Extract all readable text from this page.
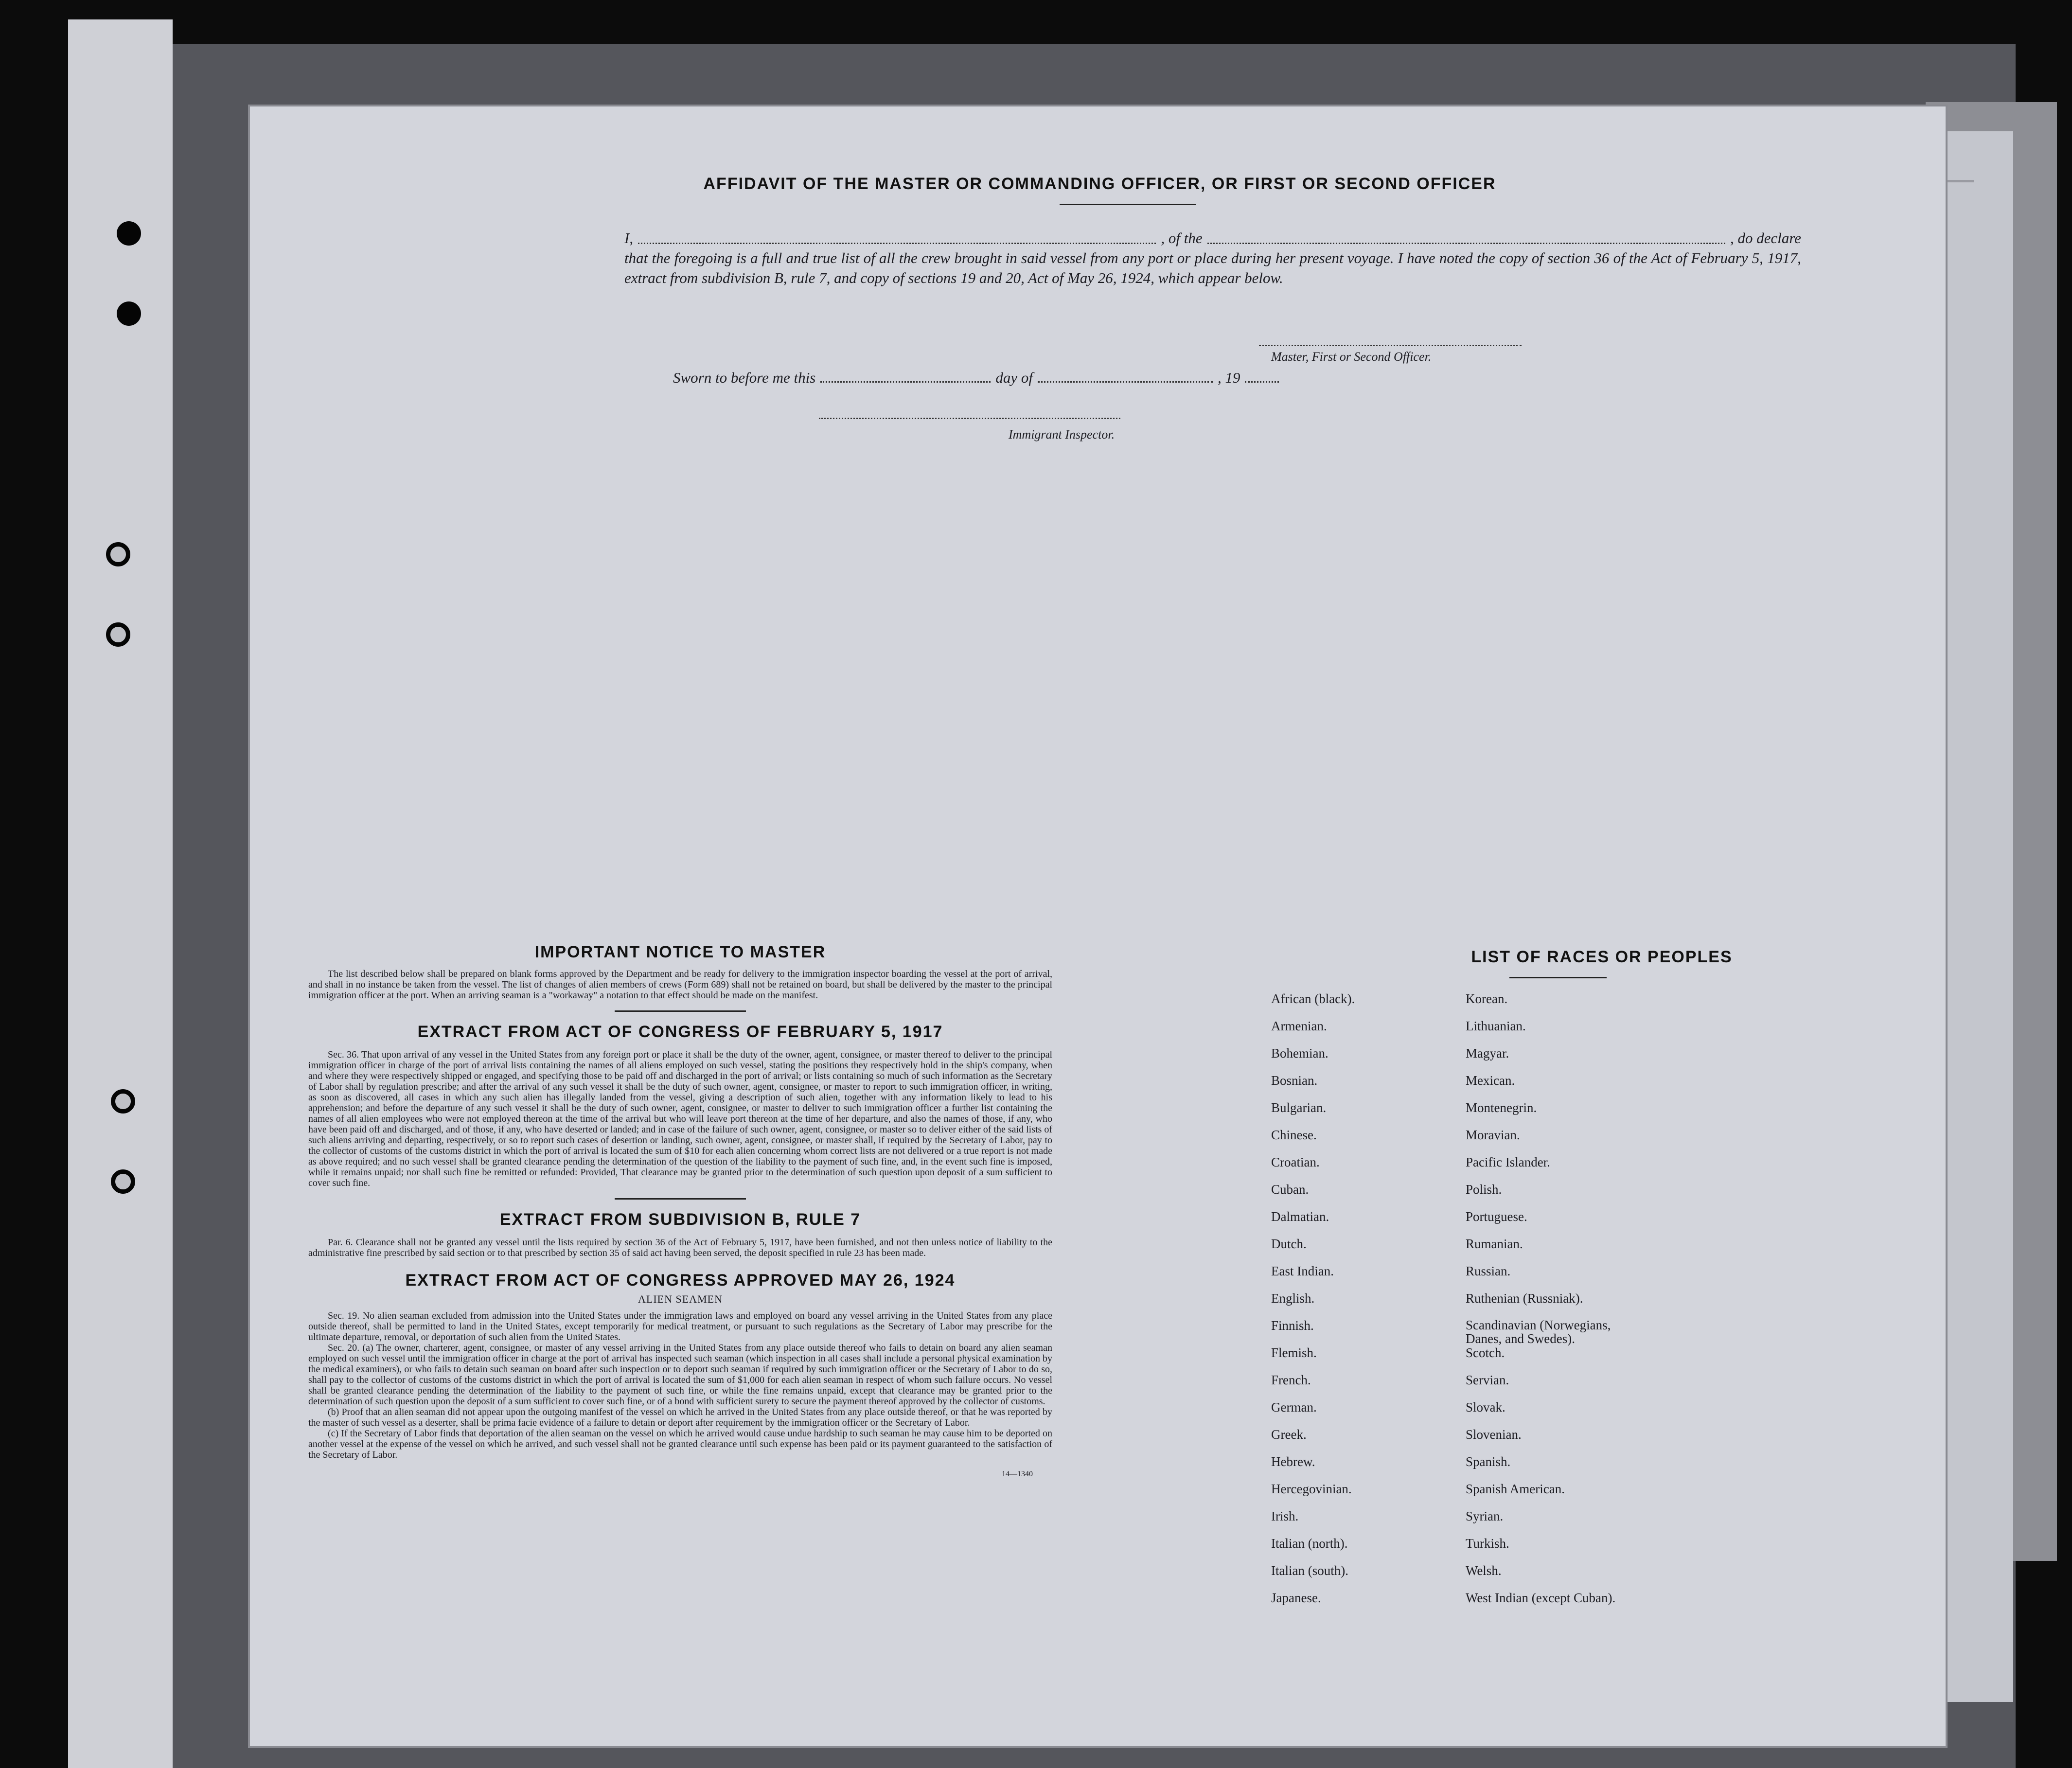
AFFIDAVIT OF THE MASTER OR COMMANDING OFFICER, OR FIRST OR SECOND OFFICER
I,	, of the	, do declare
that the foregoing is a full and true list of all the crew brought in said vessel from any port or place during her present voyage. I have noted the copy of section 36 of the Act of February 5, 1917, extract from subdivision B, rule 7, and copy of sections 19 and 20, Act of May 26, 1924, which appear below.
Master, First or Second Officer.
Sworn to before me this	day of	, 19
Immigrant Inspector.
IMPORTANT NOTICE TO MASTER
The list described below shall be prepared on blank forms approved by the Department and be ready for delivery to the immigration inspector boarding the vessel at the port of arrival, and shall in no instance be taken from the vessel. The list of changes of alien members of crews (Form 689) shall not be retained on board, but shall be delivered by the master to the principal immigration officer at the port. When an arriving seaman is a "workaway" a notation to that effect should be made on the manifest.
EXTRACT FROM ACT OF CONGRESS OF FEBRUARY 5, 1917
Sec. 36. That upon arrival of any vessel in the United States from any foreign port or place it shall be the duty of the owner, agent, consignee, or master thereof to deliver to the principal immigration officer in charge of the port of arrival lists containing the names of all aliens employed on such vessel, stating the positions they respectively hold in the ship's company, when and where they were respectively shipped or engaged, and specifying those to be paid off and discharged in the port of arrival; or lists containing so much of such information as the Secretary of Labor shall by regulation prescribe; and after the arrival of any such vessel it shall be the duty of such owner, agent, consignee, or master to report to such immigration officer, in writing, as soon as discovered, all cases in which any such alien has illegally landed from the vessel, giving a description of such alien, together with any information likely to lead to his apprehension; and before the departure of any such vessel it shall be the duty of such owner, agent, consignee, or master to deliver to such immigration officer a further list containing the names of all alien employees who were not employed thereon at the time of the arrival but who will leave port thereon at the time of her departure, and also the names of those, if any, who have been paid off and discharged, and of those, if any, who have deserted or landed; and in case of the failure of such owner, agent, consignee, or master so to deliver either of the said lists of such aliens arriving and departing, respectively, or so to report such cases of desertion or landing, such owner, agent, consignee, or master shall, if required by the Secretary of Labor, pay to the collector of customs of the customs district in which the port of arrival is located the sum of $10 for each alien concerning whom correct lists are not delivered or a true report is not made as above required; and no such vessel shall be granted clearance pending the determination of the question of the liability to the payment of such fine, and, in the event such fine is imposed, while it remains unpaid; nor shall such fine be remitted or refunded: Provided, That clearance may be granted prior to the determination of such question upon deposit of a sum sufficient to cover such fine.
EXTRACT FROM SUBDIVISION B, RULE 7
Par. 6. Clearance shall not be granted any vessel until the lists required by section 36 of the Act of February 5, 1917, have been furnished, and not then unless notice of liability to the administrative fine prescribed by said section or to that prescribed by section 35 of said act having been served, the deposit specified in rule 23 has been made.
EXTRACT FROM ACT OF CONGRESS APPROVED MAY 26, 1924
ALIEN SEAMEN
Sec. 19. No alien seaman excluded from admission into the United States under the immigration laws and employed on board any vessel arriving in the United States from any place outside thereof, shall be permitted to land in the United States, except temporarily for medical treatment, or pursuant to such regulations as the Secretary of Labor may prescribe for the ultimate departure, removal, or deportation of such alien from the United States.
Sec. 20. (a) The owner, charterer, agent, consignee, or master of any vessel arriving in the United States from any place outside thereof who fails to detain on board any alien seaman employed on such vessel until the immigration officer in charge at the port of arrival has inspected such seaman (which inspection in all cases shall include a personal physical examination by the medical examiners), or who fails to detain such seaman on board after such inspection or to deport such seaman if required by such immigration officer or the Secretary of Labor to do so, shall pay to the collector of customs of the customs district in which the port of arrival is located the sum of $1,000 for each alien seaman in respect of whom such failure occurs. No vessel shall be granted clearance pending the determination of the liability to the payment of such fine, or while the fine remains unpaid, except that clearance may be granted prior to the determination of such question upon the deposit of a sum sufficient to cover such fine, or of a bond with sufficient surety to secure the payment thereof approved by the collector of customs.
(b) Proof that an alien seaman did not appear upon the outgoing manifest of the vessel on which he arrived in the United States from any place outside thereof, or that he was reported by the master of such vessel as a deserter, shall be prima facie evidence of a failure to detain or deport after requirement by the immigration officer or the Secretary of Labor.
(c) If the Secretary of Labor finds that deportation of the alien seaman on the vessel on which he arrived would cause undue hardship to such seaman he may cause him to be deported on another vessel at the expense of the vessel on which he arrived, and such vessel shall not be granted clearance until such expense has been paid or its payment guaranteed to the satisfaction of the Secretary of Labor.
14—1340
LIST OF RACES OR PEOPLES
African (black).	Korean.
Armenian.	Lithuanian.
Bohemian.	Magyar.
Bosnian.	Mexican.
Bulgarian.	Montenegrin.
Chinese.	Moravian.
Croatian.	Pacific Islander.
Cuban.	Polish.
Dalmatian.	Portuguese.
Dutch.	Rumanian.
East Indian.	Russian.
English.	Ruthenian (Russniak).
Finnish.	Scandinavian (Norwegians, Danes, and Swedes).
Flemish.	Scotch.
French.	Servian.
German.	Slovak.
Greek.	Slovenian.
Hebrew.	Spanish.
Hercegovinian.	Spanish American.
Irish.	Syrian.
Italian (north).	Turkish.
Italian (south).	Welsh.
Japanese.	West Indian (except Cuban).
